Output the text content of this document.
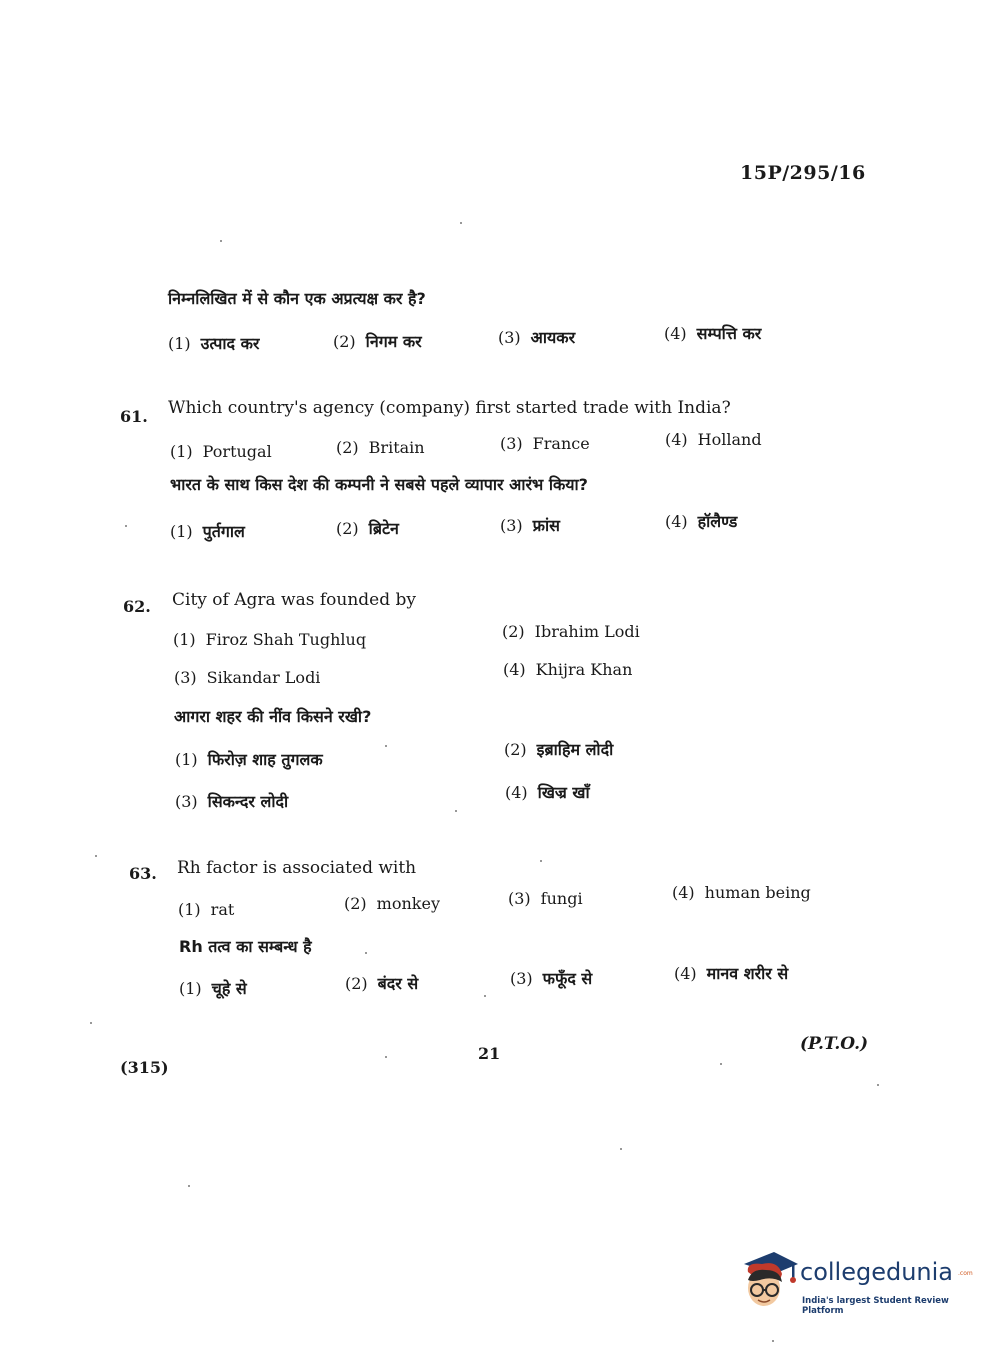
15P/295/16
निम्नलिखित में से कौन एक अप्रत्यक्ष कर है?
(1) उत्पाद कर	(2) निगम कर	(3) आयकर	(4) सम्पत्ति कर
61. Which country's agency (company) first started trade with India?
(1) Portugal	(2) Britain	(3) France	(4) Holland
भारत के साथ किस देश की कम्पनी ने सबसे पहले व्यापार आरंभ किया?
(1) पुर्तगाल	(2) ब्रिटेन	(3) फ्रांस	(4) हॉलैण्ड
62. City of Agra was founded by
(1) Firoz Shah Tughluq	(2) Ibrahim Lodi
(3) Sikandar Lodi	(4) Khijra Khan
आगरा शहर की नींव किसने रखी?
(1) फिरोज़ शाह तुगलक
(2) इब्राहिम लोदी
(3) सिकन्दर लोदी	(4) खिज्र खाँ
63. Rh factor is associated with
(1) rat	(2) monkey	(3) fungi	(4) human being
Rh तत्व का सम्बन्ध है
(1) चूहे से	(2) बंदर से	(3) फफूँद से	(4) मानव शरीर से
(315)
21	(P.T.O.)
collegedunia .com
India's largest Student Review Platform
